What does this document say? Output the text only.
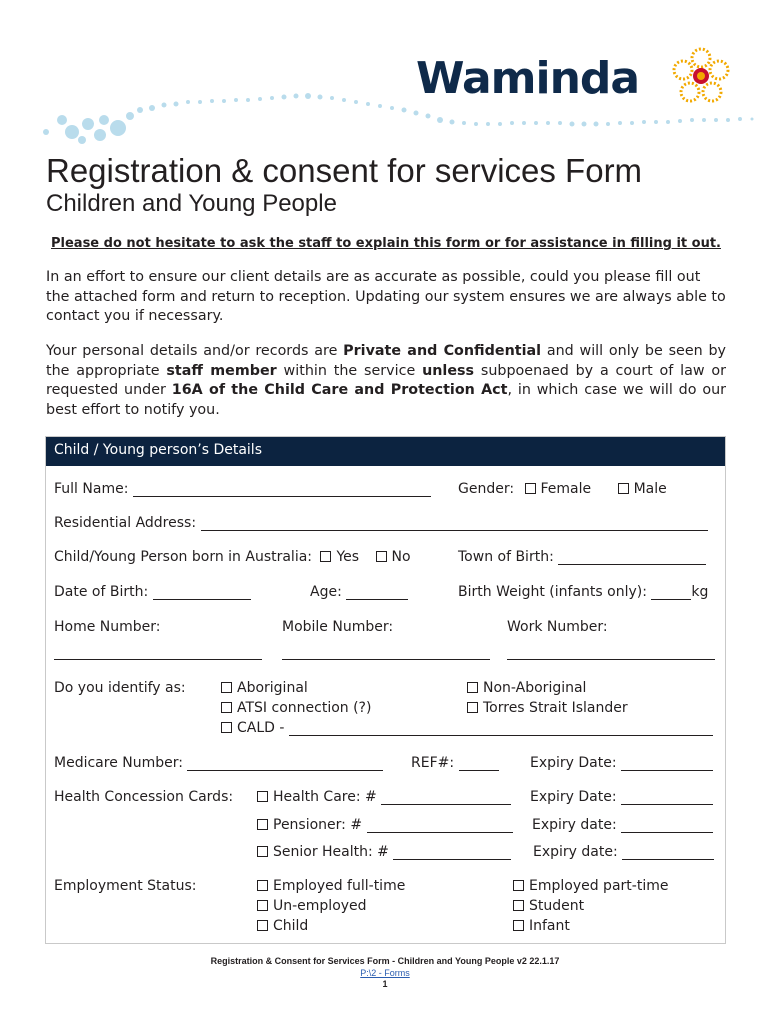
Waminda
Registration & consent for services Form
Children and Young People
Please do not hesitate to ask the staff to explain this form or for assistance in filling it out.
In an effort to ensure our client details are as accurate as possible, could you please fill out the attached form and return to reception. Updating our system ensures we are always able to contact you if necessary.
Your personal details and/or records are Private and Confidential and will only be seen by the appropriate staff member within the service unless subpoenaed by a court of law or requested under 16A of the Child Care and Protection Act, in which case we will do our best effort to notify you.
Child / Young person’s Details
Full Name:	Gender: Female	Male
Residential Address:
Child/Young Person born in Australia: Yes No	Town of Birth:
Date of Birth:	Age:	Birth Weight (infants only):	kg
Home Number:	Mobile Number:	Work Number:
Do you identify as:	Aboriginal	Non-Aboriginal
ATSI connection (?)	Torres Strait Islander
CALD -
Medicare Number:	REF#:	Expiry Date:
Health Concession Cards:	Health Care: #	Expiry Date:
Pensioner: #	Expiry date:
Senior Health: #	Expiry date:
Employment Status:	Employed full-time	Employed part-time
Un-employed	Student
Child	Infant
Registration & Consent for Services Form - Children and Young People v2 22.1.17
P:\2 - Forms
1
